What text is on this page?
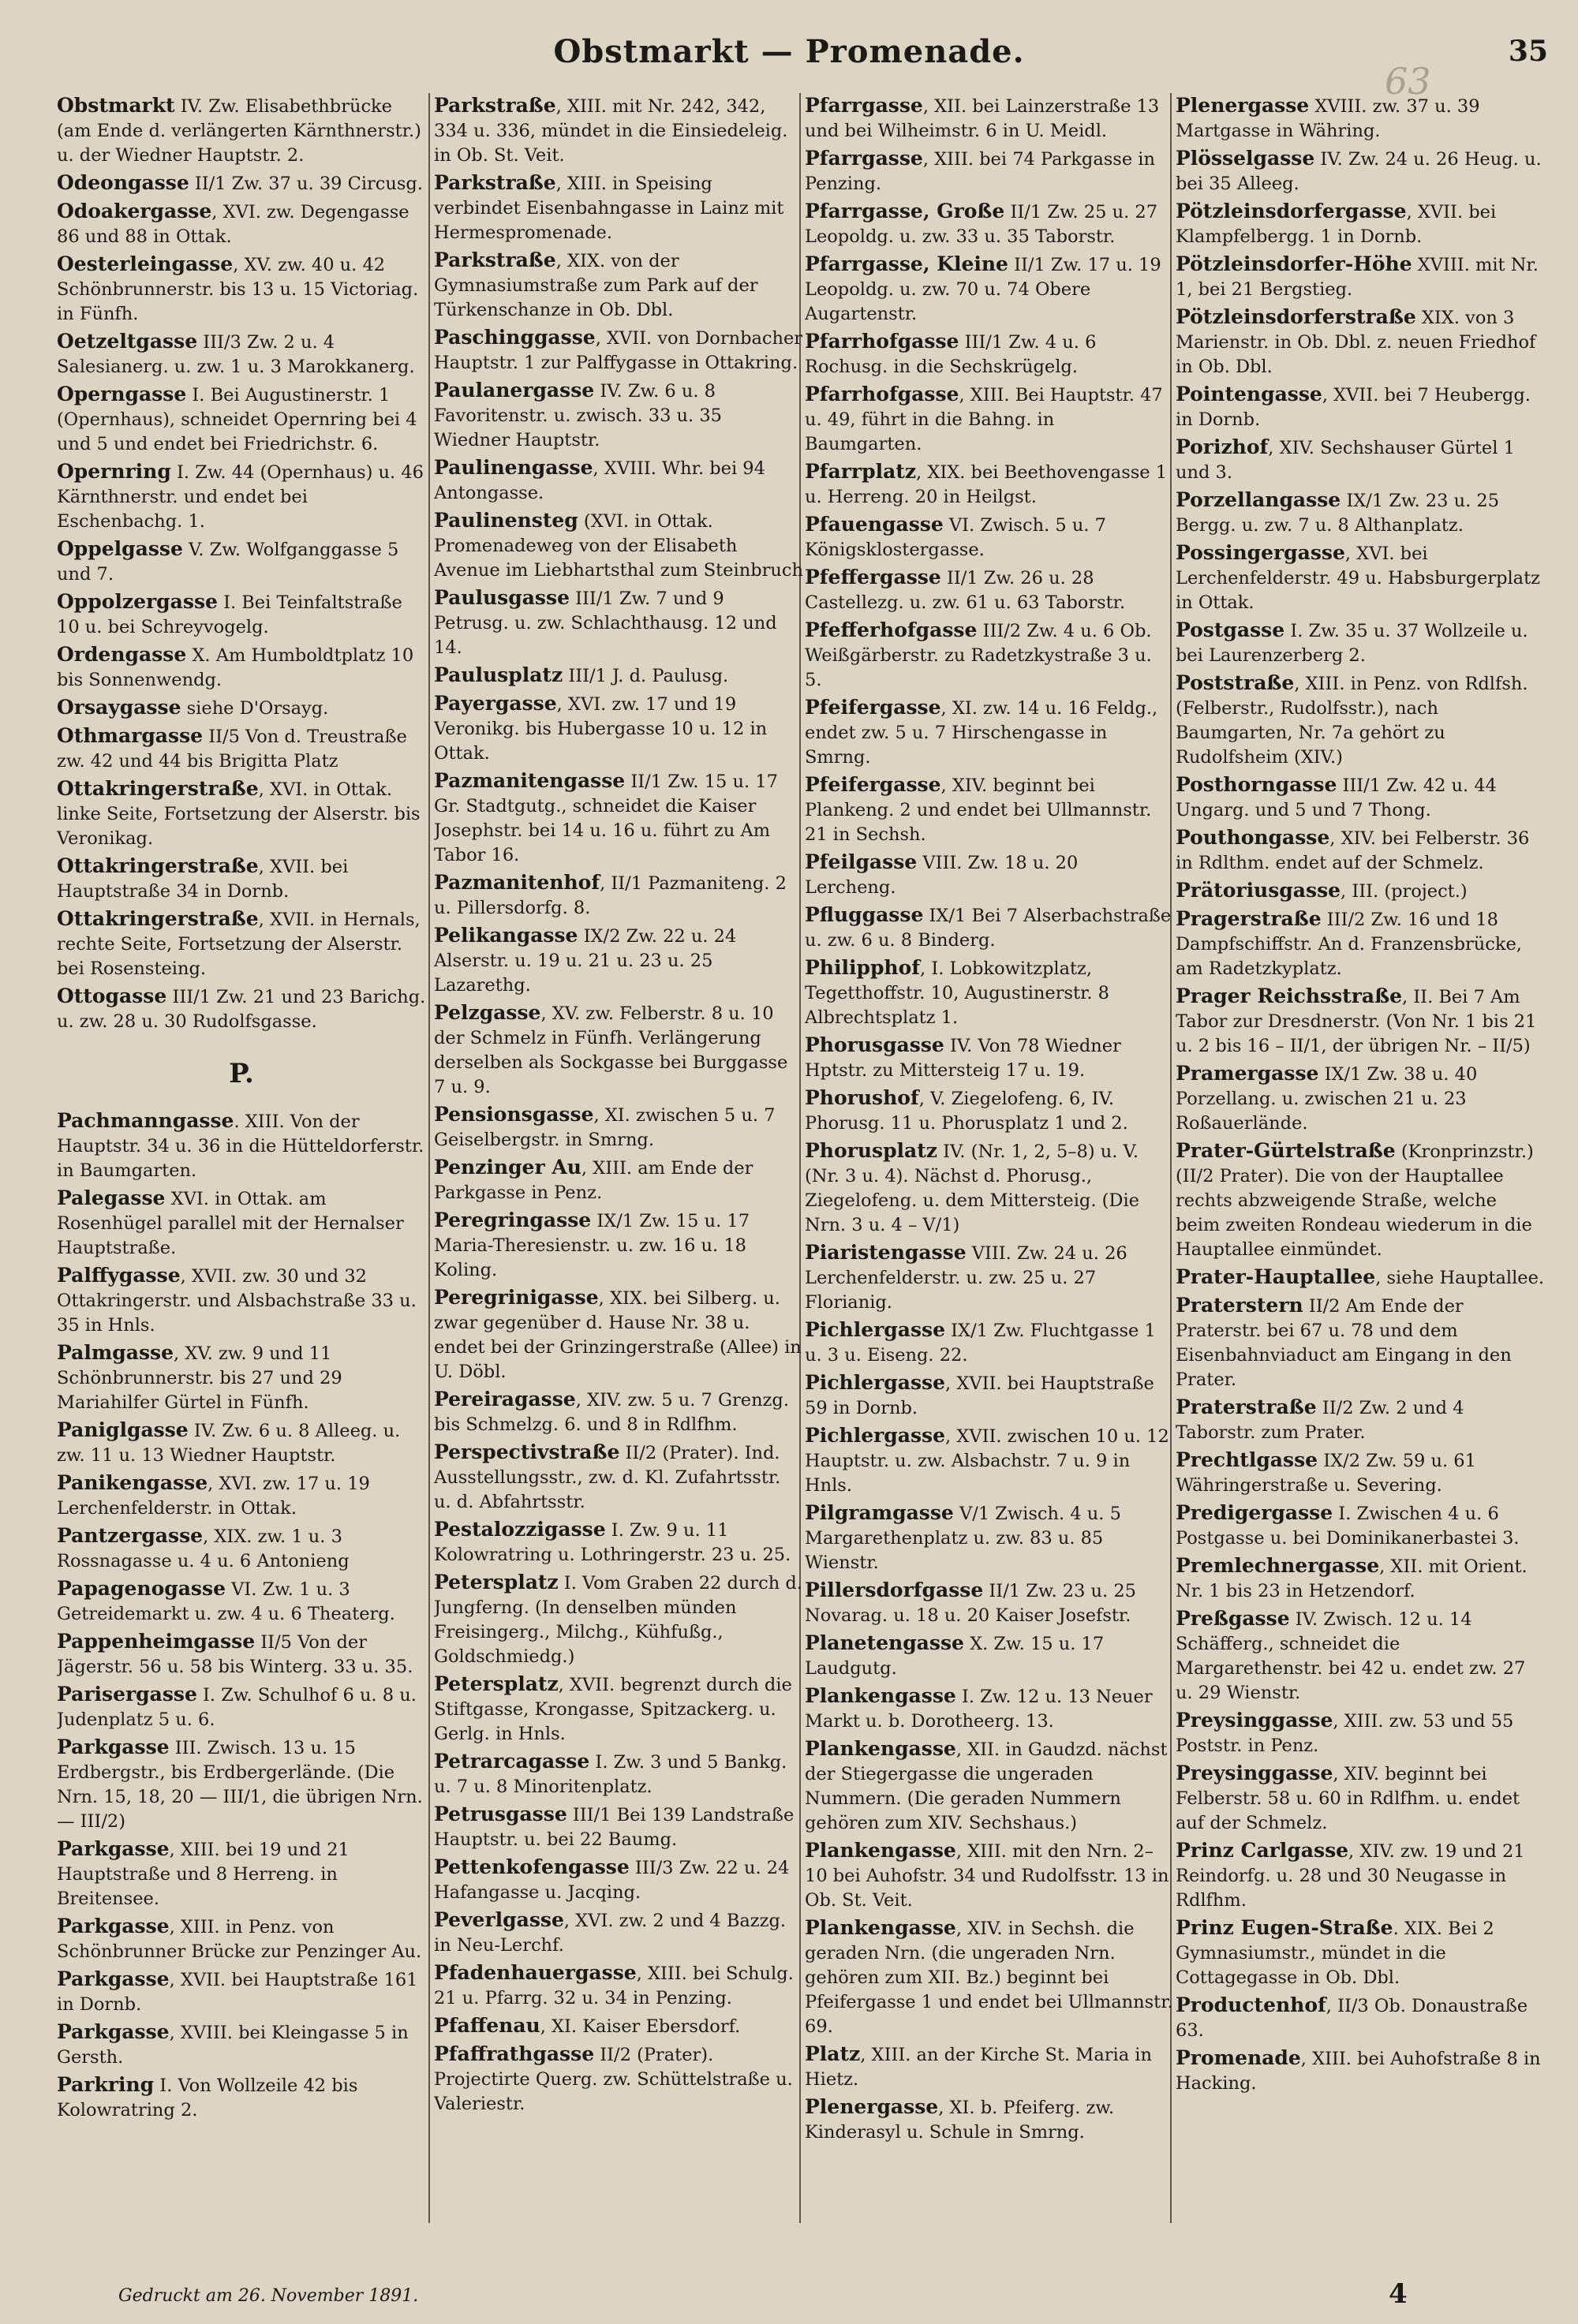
Obstmarkt — Promenade.
63
35

Obstmarkt IV. Zw. Elisabethbrücke (am Ende d. verlängerten Kärnthnerstr.) u. der Wiedner Hauptstr. 2.

Odeongasse II/1 Zw. 37 u. 39 Circusg.

Odoakergasse, XVI. zw. Degengasse 86 und 88 in Ottak.

Oesterleingasse, XV. zw. 40 u. 42 Schönbrunnerstr. bis 13 u. 15 Victoriag. in Fünfh.

Oetzeltgasse III/3 Zw. 2 u. 4 Salesianerg. u. zw. 1 u. 3 Marokkanerg.

Operngasse I. Bei Augustinerstr. 1 (Opernhaus), schneidet Opernring bei 4 und 5 und endet bei Friedrichstr. 6.

Opernring I. Zw. 44 (Opernhaus) u. 46 Kärnthnerstr. und endet bei Eschenbachg. 1.

Oppelgasse V. Zw. Wolfganggasse 5 und 7.

Oppolzergasse I. Bei Teinfaltstraße 10 u. bei Schreyvogelg.

Ordengasse X. Am Humboldtplatz 10 bis Sonnenwendg.

Orsaygasse siehe D'Orsayg.

Othmargasse II/5 Von d. Treustraße zw. 42 und 44 bis Brigitta Platz

Ottakringerstraße, XVI. in Ottak. linke Seite, Fortsetzung der Alserstr. bis Veronikag.

Ottakringerstraße, XVII. bei Hauptstraße 34 in Dornb.

Ottakringerstraße, XVII. in Hernals, rechte Seite, Fortsetzung der Alserstr. bei Rosensteing.

Ottogasse III/1 Zw. 21 und 23 Barichg. u. zw. 28 u. 30 Rudolfsgasse.

P.

Pachmanngasse. XIII. Von der Hauptstr. 34 u. 36 in die Hütteldorferstr. in Baumgarten.

Palegasse XVI. in Ottak. am Rosenhügel parallel mit der Hernalser Hauptstraße.

Palffygasse, XVII. zw. 30 und 32 Ottakringerstr. und Alsbachstraße 33 u. 35 in Hnls.

Palmgasse, XV. zw. 9 und 11 Schönbrunnerstr. bis 27 und 29 Mariahilfer Gürtel in Fünfh.

Paniglgasse IV. Zw. 6 u. 8 Alleeg. u. zw. 11 u. 13 Wiedner Hauptstr.

Panikengasse, XVI. zw. 17 u. 19 Lerchenfelderstr. in Ottak.

Pantzergasse, XIX. zw. 1 u. 3 Rossnagasse u. 4 u. 6 Antonieng

Papagenogasse VI. Zw. 1 u. 3 Getreidemarkt u. zw. 4 u. 6 Theaterg.

Pappenheimgasse II/5 Von der Jägerstr. 56 u. 58 bis Winterg. 33 u. 35.

Parisergasse I. Zw. Schulhof 6 u. 8 u. Judenplatz 5 u. 6.

Parkgasse III. Zwisch. 13 u. 15 Erdbergstr., bis Erdbergerlände. (Die Nrn. 15, 18, 20 — III/1, die übrigen Nrn. — III/2)

Parkgasse, XIII. bei 19 und 21 Hauptstraße und 8 Herreng. in Breitensee.

Parkgasse, XIII. in Penz. von Schönbrunner Brücke zur Penzinger Au.

Parkgasse, XVII. bei Hauptstraße 161 in Dornb.

Parkgasse, XVIII. bei Kleingasse 5 in Gersth.

Parkring I. Von Wollzeile 42 bis Kolowratring 2.

Parkstraße, XIII. mit Nr. 242, 342, 334 u. 336, mündet in die Einsiedeleig. in Ob. St. Veit.

Parkstraße, XIII. in Speising verbindet Eisenbahngasse in Lainz mit Hermespromenade.

Parkstraße, XIX. von der Gymnasiumstraße zum Park auf der Türkenschanze in Ob. Dbl.

Paschinggasse, XVII. von Dornbacher Hauptstr. 1 zur Palffygasse in Ottakring.

Paulanergasse IV. Zw. 6 u. 8 Favoritenstr. u. zwisch. 33 u. 35 Wiedner Hauptstr.

Paulinengasse, XVIII. Whr. bei 94 Antongasse.

Paulinensteg (XVI. in Ottak. Promenadeweg von der Elisabeth Avenue im Liebhartsthal zum Steinbruch

Paulusgasse III/1 Zw. 7 und 9 Petrusg. u. zw. Schlachthausg. 12 und 14.

Paulusplatz III/1 J. d. Paulusg.

Payergasse, XVI. zw. 17 und 19 Veronikg. bis Hubergasse 10 u. 12 in Ottak.

Pazmanitengasse II/1 Zw. 15 u. 17 Gr. Stadtgutg., schneidet die Kaiser Josephstr. bei 14 u. 16 u. führt zu Am Tabor 16.

Pazmanitenhof, II/1 Pazmaniteng. 2 u. Pillersdorfg. 8.

Pelikangasse IX/2 Zw. 22 u. 24 Alserstr. u. 19 u. 21 u. 23 u. 25 Lazarethg.

Pelzgasse, XV. zw. Felberstr. 8 u. 10 der Schmelz in Fünfh. Verlängerung derselben als Sockgasse bei Burggasse 7 u. 9.

Pensionsgasse, XI. zwischen 5 u. 7 Geiselbergstr. in Smrng.

Penzinger Au, XIII. am Ende der Parkgasse in Penz.

Peregringasse IX/1 Zw. 15 u. 17 Maria-Theresienstr. u. zw. 16 u. 18 Koling.

Peregrinigasse, XIX. bei Silberg. u. zwar gegenüber d. Hause Nr. 38 u. endet bei der Grinzingerstraße (Allee) in U. Döbl.

Pereiragasse, XIV. zw. 5 u. 7 Grenzg. bis Schmelzg. 6. und 8 in Rdlfhm.

Perspectivstraße II/2 (Prater). Ind. Ausstellungsstr., zw. d. Kl. Zufahrtsstr. u. d. Abfahrtsstr.

Pestalozzigasse I. Zw. 9 u. 11 Kolowratring u. Lothringerstr. 23 u. 25.

Petersplatz I. Vom Graben 22 durch d. Jungferng. (In denselben münden Freisingerg., Milchg., Kühfußg., Goldschmiedg.)

Petersplatz, XVII. begrenzt durch die Stiftgasse, Krongasse, Spitzackerg. u. Gerlg. in Hnls.

Petrarcagasse I. Zw. 3 und 5 Bankg. u. 7 u. 8 Minoritenplatz.

Petrusgasse III/1 Bei 139 Landstraße Hauptstr. u. bei 22 Baumg.

Pettenkofengasse III/3 Zw. 22 u. 24 Hafangasse u. Jacqing.

Peverlgasse, XVI. zw. 2 und 4 Bazzg. in Neu-Lerchf.

Pfadenhauergasse, XIII. bei Schulg. 21 u. Pfarrg. 32 u. 34 in Penzing.

Pfaffenau, XI. Kaiser Ebersdorf.

Pfaffrathgasse II/2 (Prater). Projectirte Querg. zw. Schüttelstraße u. Valeriestr.

Pfarrgasse, XII. bei Lainzerstraße 13 und bei Wilheimstr. 6 in U. Meidl.

Pfarrgasse, XIII. bei 74 Parkgasse in Penzing.

Pfarrgasse, Große II/1 Zw. 25 u. 27 Leopoldg. u. zw. 33 u. 35 Taborstr.

Pfarrgasse, Kleine II/1 Zw. 17 u. 19 Leopoldg. u. zw. 70 u. 74 Obere Augartenstr.

Pfarrhofgasse III/1 Zw. 4 u. 6 Rochusg. in die Sechskrügelg.

Pfarrhofgasse, XIII. Bei Hauptstr. 47 u. 49, führt in die Bahng. in Baumgarten.

Pfarrplatz, XIX. bei Beethovengasse 1 u. Herreng. 20 in Heilgst.

Pfauengasse VI. Zwisch. 5 u. 7 Königsklostergasse.

Pfeffergasse II/1 Zw. 26 u. 28 Castellezg. u. zw. 61 u. 63 Taborstr.

Pfefferhofgasse III/2 Zw. 4 u. 6 Ob. Weißgärberstr. zu Radetzkystraße 3 u. 5.

Pfeifergasse, XI. zw. 14 u. 16 Feldg., endet zw. 5 u. 7 Hirschengasse in Smrng.

Pfeifergasse, XIV. beginnt bei Plankeng. 2 und endet bei Ullmannstr. 21 in Sechsh.

Pfeilgasse VIII. Zw. 18 u. 20 Lercheng.

Pfluggasse IX/1 Bei 7 Alserbachstraße u. zw. 6 u. 8 Binderg.

Philipphof, I. Lobkowitzplatz, Tegetthoffstr. 10, Augustinerstr. 8 Albrechtsplatz 1.

Phorusgasse IV. Von 78 Wiedner Hptstr. zu Mittersteig 17 u. 19.

Phorushof, V. Ziegelofeng. 6, IV. Phorusg. 11 u. Phorusplatz 1 und 2.

Phorusplatz IV. (Nr. 1, 2, 5–8) u. V. (Nr. 3 u. 4). Nächst d. Phorusg., Ziegelofeng. u. dem Mittersteig. (Die Nrn. 3 u. 4 – V/1)

Piaristengasse VIII. Zw. 24 u. 26 Lerchenfelderstr. u. zw. 25 u. 27 Florianig.

Pichlergasse IX/1 Zw. Fluchtgasse 1 u. 3 u. Eiseng. 22.

Pichlergasse, XVII. bei Hauptstraße 59 in Dornb.

Pichlergasse, XVII. zwischen 10 u. 12 Hauptstr. u. zw. Alsbachstr. 7 u. 9 in Hnls.

Pilgramgasse V/1 Zwisch. 4 u. 5 Margarethenplatz u. zw. 83 u. 85 Wienstr.

Pillersdorfgasse II/1 Zw. 23 u. 25 Novarag. u. 18 u. 20 Kaiser Josefstr.

Planetengasse X. Zw. 15 u. 17 Laudgutg.

Plankengasse I. Zw. 12 u. 13 Neuer Markt u. b. Dorotheerg. 13.

Plankengasse, XII. in Gaudzd. nächst der Stiegergasse die ungeraden Nummern. (Die geraden Nummern gehören zum XIV. Sechshaus.)

Plankengasse, XIII. mit den Nrn. 2–10 bei Auhofstr. 34 und Rudolfsstr. 13 in Ob. St. Veit.

Plankengasse, XIV. in Sechsh. die geraden Nrn. (die ungeraden Nrn. gehören zum XII. Bz.) beginnt bei Pfeifergasse 1 und endet bei Ullmannstr. 69.

Platz, XIII. an der Kirche St. Maria in Hietz.

Plenergasse, XI. b. Pfeiferg. zw. Kinderasyl u. Schule in Smrng.

Plenergasse XVIII. zw. 37 u. 39 Martgasse in Währing.

Plösselgasse IV. Zw. 24 u. 26 Heug. u. bei 35 Alleeg.

Pötzleinsdorfergasse, XVII. bei Klampfelbergg. 1 in Dornb.

Pötzleinsdorfer-Höhe XVIII. mit Nr. 1, bei 21 Bergstieg.

Pötzleinsdorferstraße XIX. von 3 Marienstr. in Ob. Dbl. z. neuen Friedhof in Ob. Dbl.

Pointengasse, XVII. bei 7 Heubergg. in Dornb.

Porizhof, XIV. Sechshauser Gürtel 1 und 3.

Porzellangasse IX/1 Zw. 23 u. 25 Bergg. u. zw. 7 u. 8 Althanplatz.

Possingergasse, XVI. bei Lerchenfelderstr. 49 u. Habsburgerplatz in Ottak.

Postgasse I. Zw. 35 u. 37 Wollzeile u. bei Laurenzerberg 2.

Poststraße, XIII. in Penz. von Rdlfsh. (Felberstr., Rudolfsstr.), nach Baumgarten, Nr. 7a gehört zu Rudolfsheim (XIV.)

Posthorngasse III/1 Zw. 42 u. 44 Ungarg. und 5 und 7 Thong.

Pouthongasse, XIV. bei Felberstr. 36 in Rdlthm. endet auf der Schmelz.

Prätoriusgasse, III. (project.)

Pragerstraße III/2 Zw. 16 und 18 Dampfschiffstr. An d. Franzensbrücke, am Radetzkyplatz.

Prager Reichsstraße, II. Bei 7 Am Tabor zur Dresdnerstr. (Von Nr. 1 bis 21 u. 2 bis 16 – II/1, der übrigen Nr. – II/5)

Pramergasse IX/1 Zw. 38 u. 40 Porzellang. u. zwischen 21 u. 23 Roßauerlände.

Prater-Gürtelstraße (Kronprinzstr.) (II/2 Prater). Die von der Hauptallee rechts abzweigende Straße, welche beim zweiten Rondeau wiederum in die Hauptallee einmündet.

Prater-Hauptallee, siehe Hauptallee.

Praterstern II/2 Am Ende der Praterstr. bei 67 u. 78 und dem Eisenbahnviaduct am Eingang in den Prater.

Praterstraße II/2 Zw. 2 und 4 Taborstr. zum Prater.

Prechtlgasse IX/2 Zw. 59 u. 61 Währingerstraße u. Severing.

Predigergasse I. Zwischen 4 u. 6 Postgasse u. bei Dominikanerbastei 3.

Premlechnergasse, XII. mit Orient. Nr. 1 bis 23 in Hetzendorf.

Preßgasse IV. Zwisch. 12 u. 14 Schäfferg., schneidet die Margarethenstr. bei 42 u. endet zw. 27 u. 29 Wienstr.

Preysinggasse, XIII. zw. 53 und 55 Poststr. in Penz.

Preysinggasse, XIV. beginnt bei Felberstr. 58 u. 60 in Rdlfhm. u. endet auf der Schmelz.

Prinz Carlgasse, XIV. zw. 19 und 21 Reindorfg. u. 28 und 30 Neugasse in Rdlfhm.

Prinz Eugen-Straße. XIX. Bei 2 Gymnasiumstr., mündet in die Cottagegasse in Ob. Dbl.

Productenhof, II/3 Ob. Donaustraße 63.

Promenade, XIII. bei Auhofstraße 8 in Hacking.

Gedruckt am 26. November 1891.	4
